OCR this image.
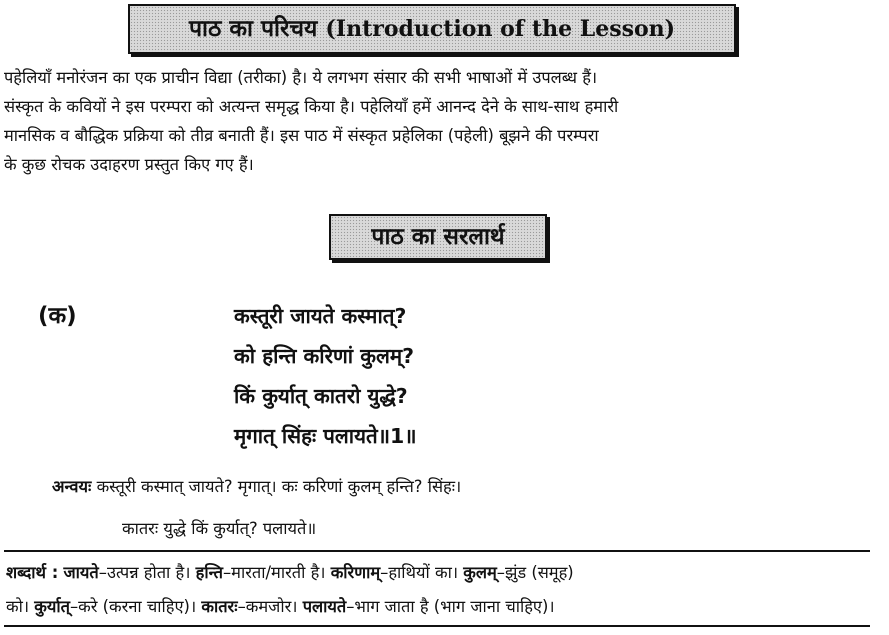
पाठ का परिचय (Introduction of the Lesson)

पहेलियाँ मनोरंजन का एक प्राचीन विद्या (तरीका) है। ये लगभग संसार की सभी भाषाओं में उपलब्ध हैं।

संस्कृत के कवियों ने इस परम्परा को अत्यन्त समृद्ध किया है। पहेलियाँ हमें आनन्द देने के साथ-साथ हमारी

मानसिक व बौद्धिक प्रक्रिया को तीव्र बनाती हैं। इस पाठ में संस्कृत प्रहेलिका (पहेली) बूझने की परम्परा

के कुछ रोचक उदाहरण प्रस्तुत किए गए हैं।

पाठ का सरलार्थ
(क)	कस्तूरी जायते कस्मात्?
को हन्ति करिणां कुलम्?
किं कुर्यात् कातरो युद्धे?
मृगात् सिंहः पलायते॥1॥
अन्वयः कस्तूरी कस्मात् जायते? मृगात्। कः करिणां कुलम् हन्ति? सिंहः।
कातरः युद्धे किं कुर्यात्? पलायते॥
शब्दार्थ : जायते–उत्पन्न होता है। हन्ति–मारता/मारती है। करिणाम्–हाथियों का। कुलम्–झुंड (समूह)
को। कुर्यात्–करे (करना चाहिए)। कातरः–कमजोर। पलायते–भाग जाता है (भाग जाना चाहिए)।
